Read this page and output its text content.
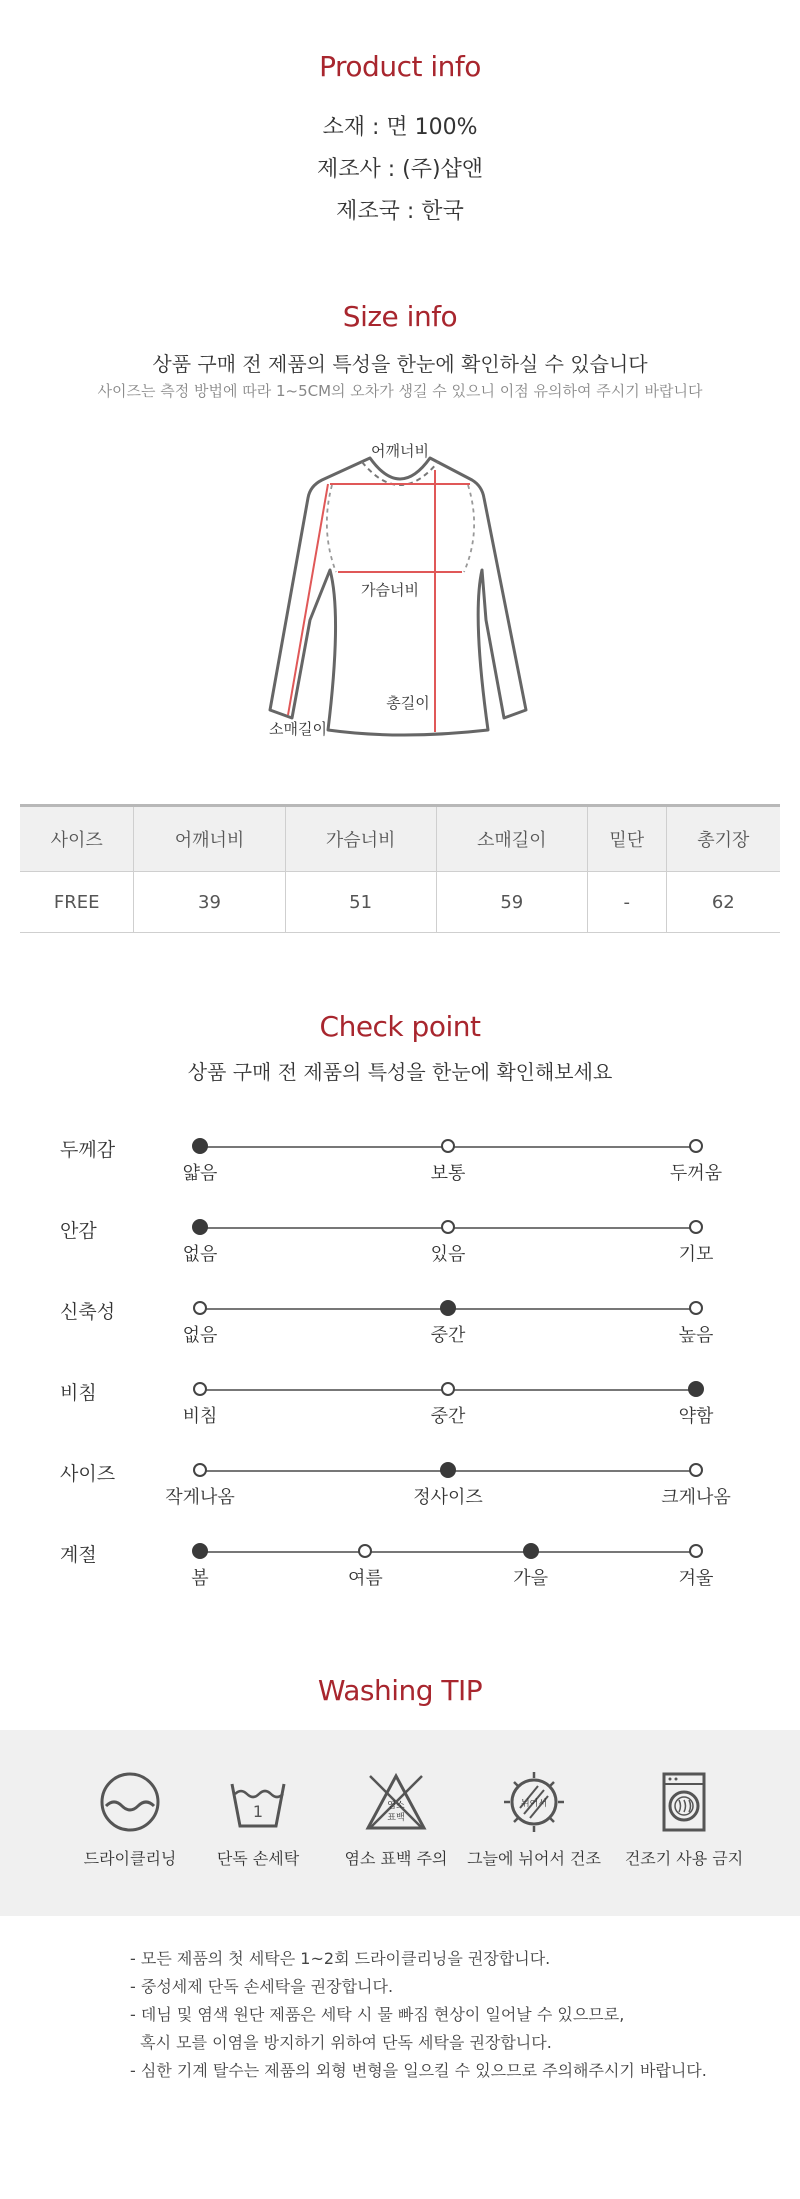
Product info
소재 : 면 100%
제조사 : (주)샵앤
제조국 : 한국
Size info
상품 구매 전 제품의 특성을 한눈에 확인하실 수 있습니다
사이즈는 측정 방법에 따라 1~5CM의 오차가 생길 수 있으니 이점 유의하여 주시기 바랍니다
어깨너비
가슴너비
총길이
소매길이
사이즈	어깨너비	가슴너비	소매길이	밑단	총기장
FREE	39	51	59	-	62
Check point
상품 구매 전 제품의 특성을 한눈에 확인해보세요
두께감
얇음	보통	두꺼움
안감
없음	있음	기모
신축성
없음	중간	높음
비침
비침	중간	약함
사이즈
작게나옴	정사이즈	크게나옴
계절
봄	여름	가을	겨울
Washing TIP
드라이클리닝
1
단독 손세탁
염소
표백
염소 표백 주의
뉘어서
그늘에 뉘어서 건조	건조기 사용 금지
- 모든 제품의 첫 세탁은 1~2회 드라이클리닝을 권장합니다.
- 중성세제 단독 손세탁을 권장합니다.
- 데님 및 염색 원단 제품은 세탁 시 물 빠짐 현상이 일어날 수 있으므로,
혹시 모를 이염을 방지하기 위하여 단독 세탁을 권장합니다.
- 심한 기계 탈수는 제품의 외형 변형을 일으킬 수 있으므로 주의해주시기 바랍니다.
